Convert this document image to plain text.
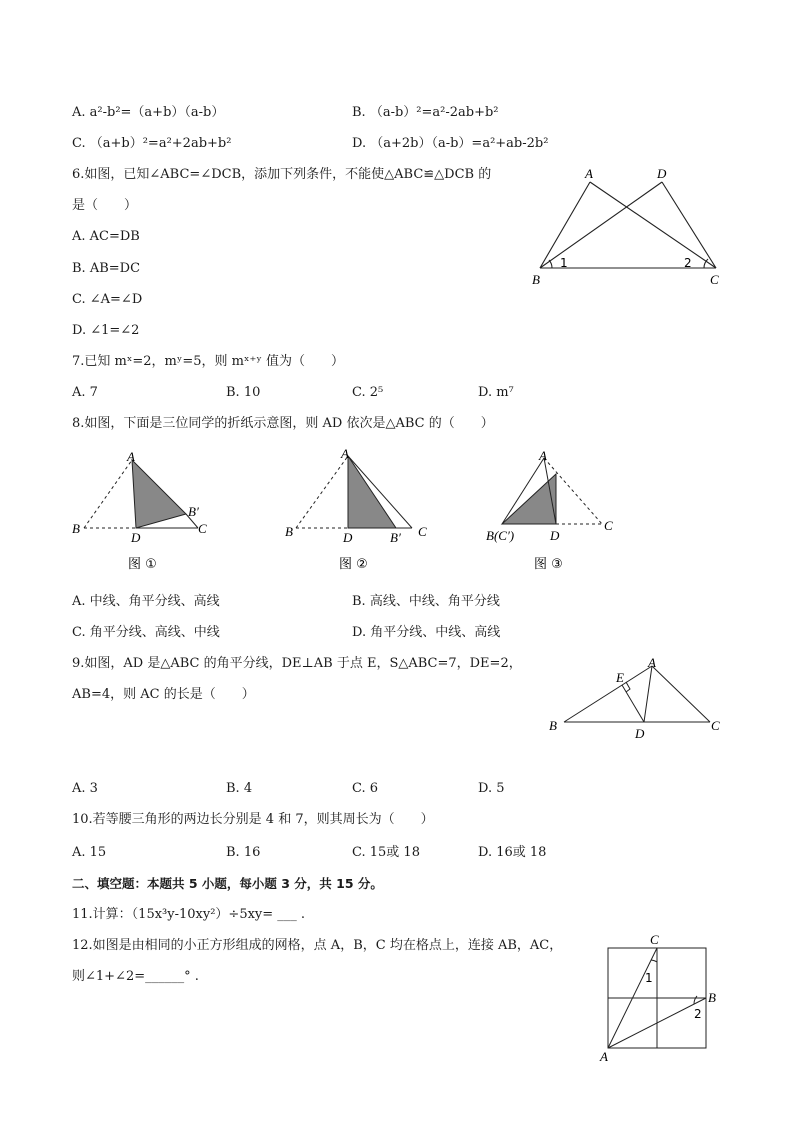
A. a²-b²=（a+b）（a-b）	B. （a-b）²=a²-2ab+b²
C. （a+b）²=a²+2ab+b²	D. （a+2b）（a-b）=a²+ab-2b²
6.如图，已知∠ABC=∠DCB，添加下列条件，不能使△ABC≌△DCB 的
是（　　）
A. AC=DB
B. AB=DC
C. ∠A=∠D
D. ∠1=∠2
A	D
B	C
1	2
7.已知 mˣ=2，mʸ=5，则 mˣ⁺ʸ 值为（　　）
A. 7	B. 10	C. 2⁵	D. m⁷
8.如图，下面是三位同学的折纸示意图，则 AD 依次是△ABC 的（　　）
A
B	C
D
B′
图 ①
A
B	C
D	B′
图 ②
A
B(C′)
C
D
图 ③
A. 中线、角平分线、高线	B. 高线、中线、角平分线
C. 角平分线、高线、中线	D. 角平分线、中线、高线
9.如图，AD 是△ABC 的角平分线，DE⊥AB 于点 E，S△ABC=7，DE=2，
AB=4，则 AC 的长是（　　）
A
E
B	C
D
A. 3	B. 4	C. 6	D. 5
10.若等腰三角形的两边长分别是 4 和 7，则其周长为（　　）
A. 15	B. 16	C. 15或 18	D. 16或 18
二、填空题：本题共 5 小题，每小题 3 分，共 15 分。
11.计算：（15x³y-10xy²）÷5xy= ___ .
12.如图是由相同的小正方形组成的网格，点 A，B，C 均在格点上，连接 AB，AC，
则∠1+∠2=______° .
C
B
A
1
2
